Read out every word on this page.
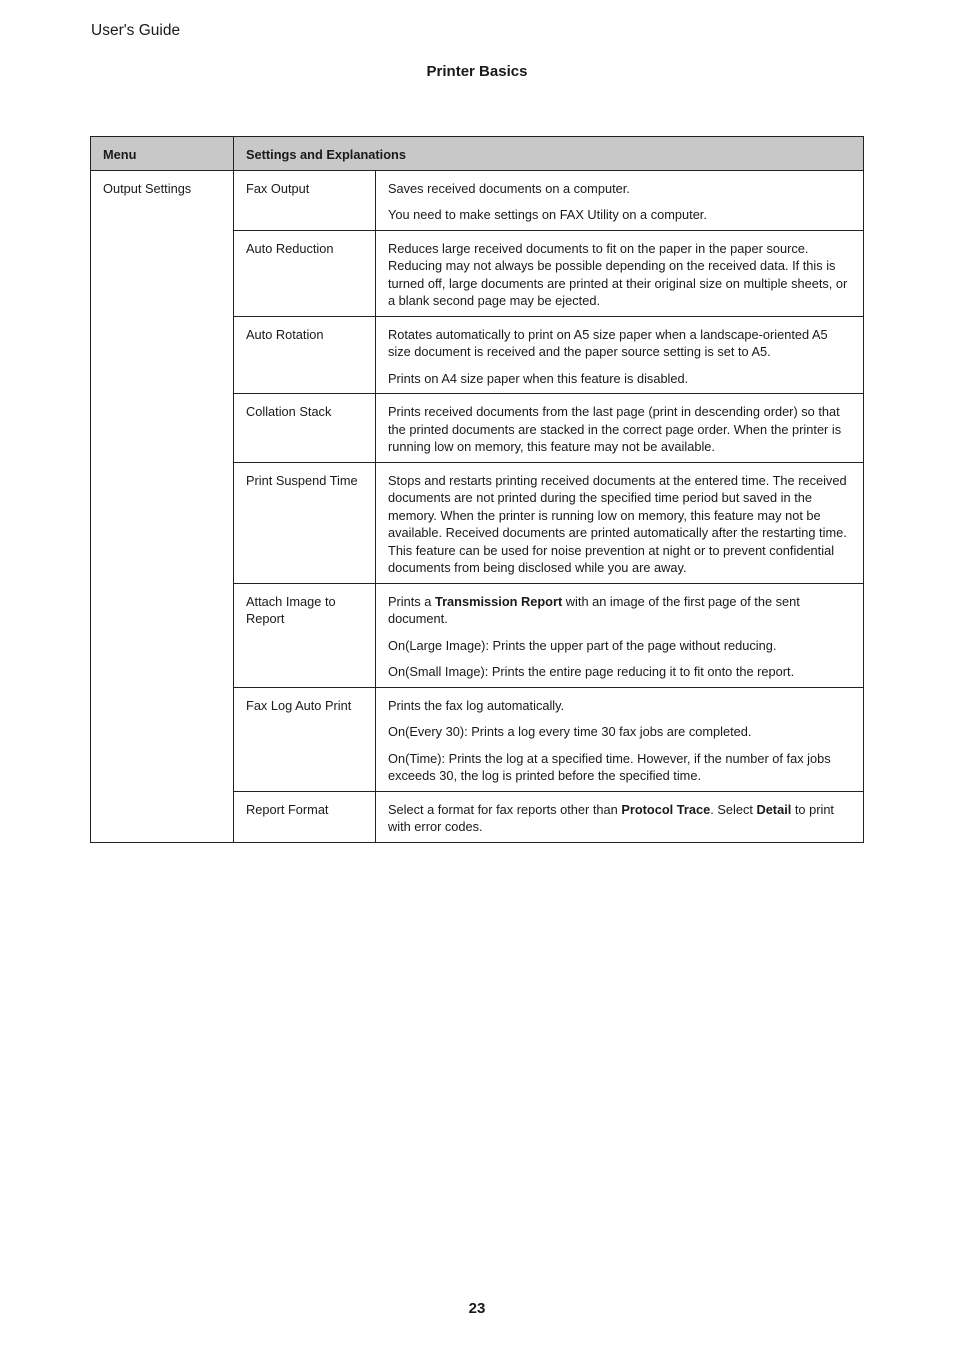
User's Guide
Printer Basics
Menu	Settings and Explanations	
Output Settings	Fax Output	Saves received documents on a computer.

You need to make settings on FAX Utility on a computer.

	Auto Reduction	Reduces large received documents to fit on the paper in the paper source. Reducing may not always be possible depending on the received data. If this is turned off, large documents are printed at their original size on multiple sheets, or a blank second page may be ejected.

	Auto Rotation	Rotates automatically to print on A5 size paper when a landscape-oriented A5 size document is received and the paper source setting is set to A5.

Prints on A4 size paper when this feature is disabled.

	Collation Stack	Prints received documents from the last page (print in descending order) so that the printed documents are stacked in the correct page order. When the printer is running low on memory, this feature may not be available.

	Print Suspend Time	Stops and restarts printing received documents at the entered time. The received documents are not printed during the specified time period but saved in the memory. When the printer is running low on memory, this feature may not be available. Received documents are printed automatically after the restarting time. This feature can be used for noise prevention at night or to prevent confidential documents from being disclosed while you are away.

	Attach Image to Report	Prints a Transmission Report with an image of the first page of the sent document.

On(Large Image): Prints the upper part of the page without reducing.

On(Small Image): Prints the entire page reducing it to fit onto the report.

	Fax Log Auto Print	Prints the fax log automatically.

On(Every 30): Prints a log every time 30 fax jobs are completed.

On(Time): Prints the log at a specified time. However, if the number of fax jobs exceeds 30, the log is printed before the specified time.

	Report Format	Select a format for fax reports other than Protocol Trace. Select Detail to print with error codes.

23
